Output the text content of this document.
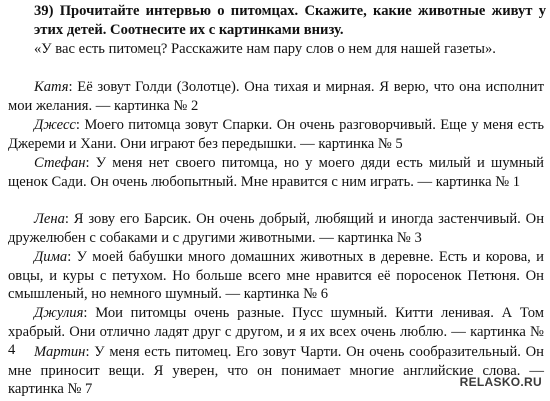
39) Прочитайте интервью о питомцах. Скажите, какие животные живут у этих детей. Соотнесите их с картинками внизу.
«У вас есть питомец? Расскажите нам пару слов о нем для нашей газеты».
Катя: Её зовут Голди (Золотце). Она тихая и мирная. Я верю, что она исполнит мои желания. — картинка № 2
Джесс: Моего питомца зовут Спарки. Он очень разговорчивый. Еще у меня есть Джереми и Хани. Они играют без передышки. — картинка № 5
Стефан: У меня нет своего питомца, но у моего дяди есть милый и шумный щенок Сади. Он очень любопытный. Мне нравится с ним играть. — картинка № 1
Лена: Я зову его Барсик. Он очень добрый, любящий и иногда застенчивый. Он дружелюбен с собаками и с другими животными. — картинка № 3
Дима: У моей бабушки много домашних животных в деревне. Есть и корова, и овцы, и куры с петухом. Но больше всего мне нравится её поросенок Петюня. Он смышленый, но немного шумный. — картинка № 6
Джулия: Мои питомцы очень разные. Пусс шумный. Китти ленивая. А Том храбрый. Они отлично ладят друг с другом, и я их всех очень люблю. — картинка № 4	Мартин: У меня есть питомец. Его зовут Чарти. Он очень сообразительный. Он мне приносит вещи. Я уверен, что он понимает многие английские слова. — картинка № 7	RELASKO.RU
